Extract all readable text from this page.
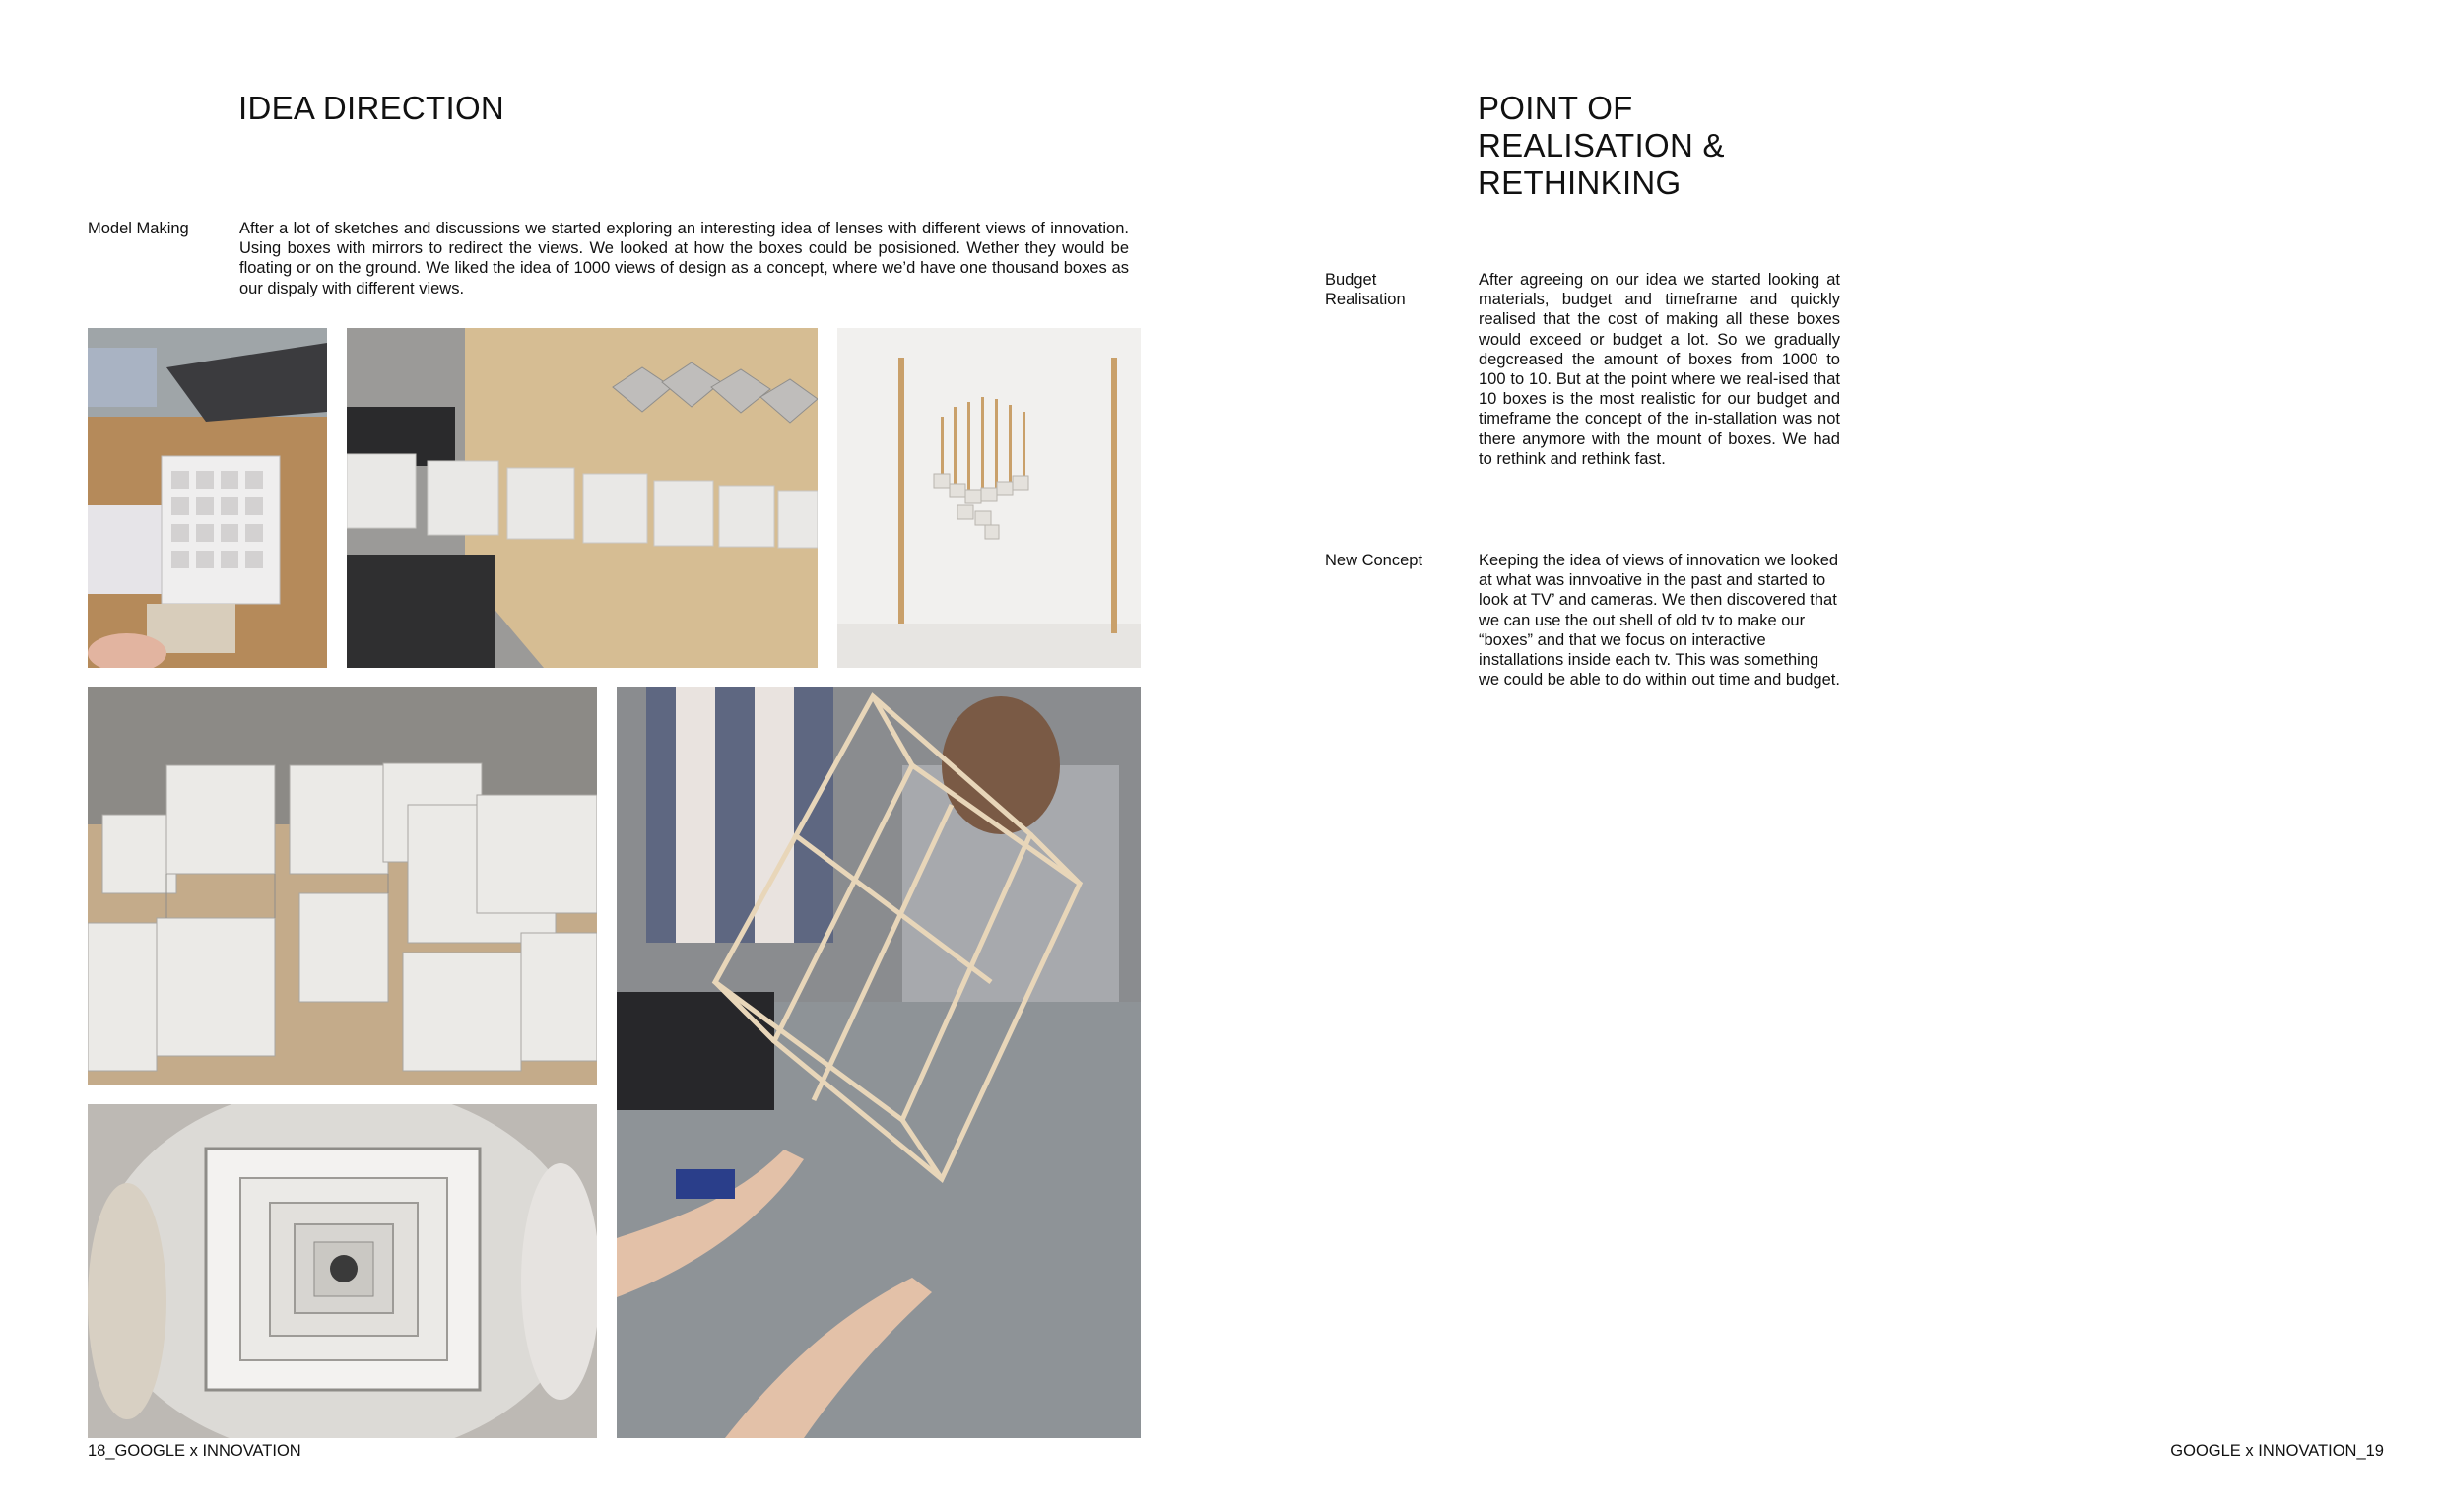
IDEA DIRECTION
Model Making	After a lot of sketches and discussions we started exploring an interesting idea of lenses with different views of innovation. Using boxes with mirrors to redirect the views. We looked at how the boxes could be posisioned. Wether they would be floating or on the ground. We liked the idea of 1000 views of design as a concept, where we’d have one thousand boxes as our dispaly with different views.
18_GOOGLE x INNOVATION
POINT OF
REALISATION &
RETHINKING
Budget
Realisation
After agreeing on our idea we started looking at materials, budget and timeframe and quickly realised that the cost of making all these boxes would exceed or budget a lot. So we gradually degcreased the amount of boxes from 1000 to 100 to 10. But at the point where we real-ised that 10 boxes is the most realistic for our budget and timeframe the concept of the in-stallation was not there anymore with the mount of boxes. We had to rethink and rethink fast.
New Concept	Keeping the idea of views of innovation we looked at what was innvoative in the past and started to look at TV’ and cameras. We then discovered that we can use the out shell of old tv to make our “boxes” and that we focus on interactive installations inside each tv. This was something we could be able to do within out time and budget.
GOOGLE x INNOVATION_19
